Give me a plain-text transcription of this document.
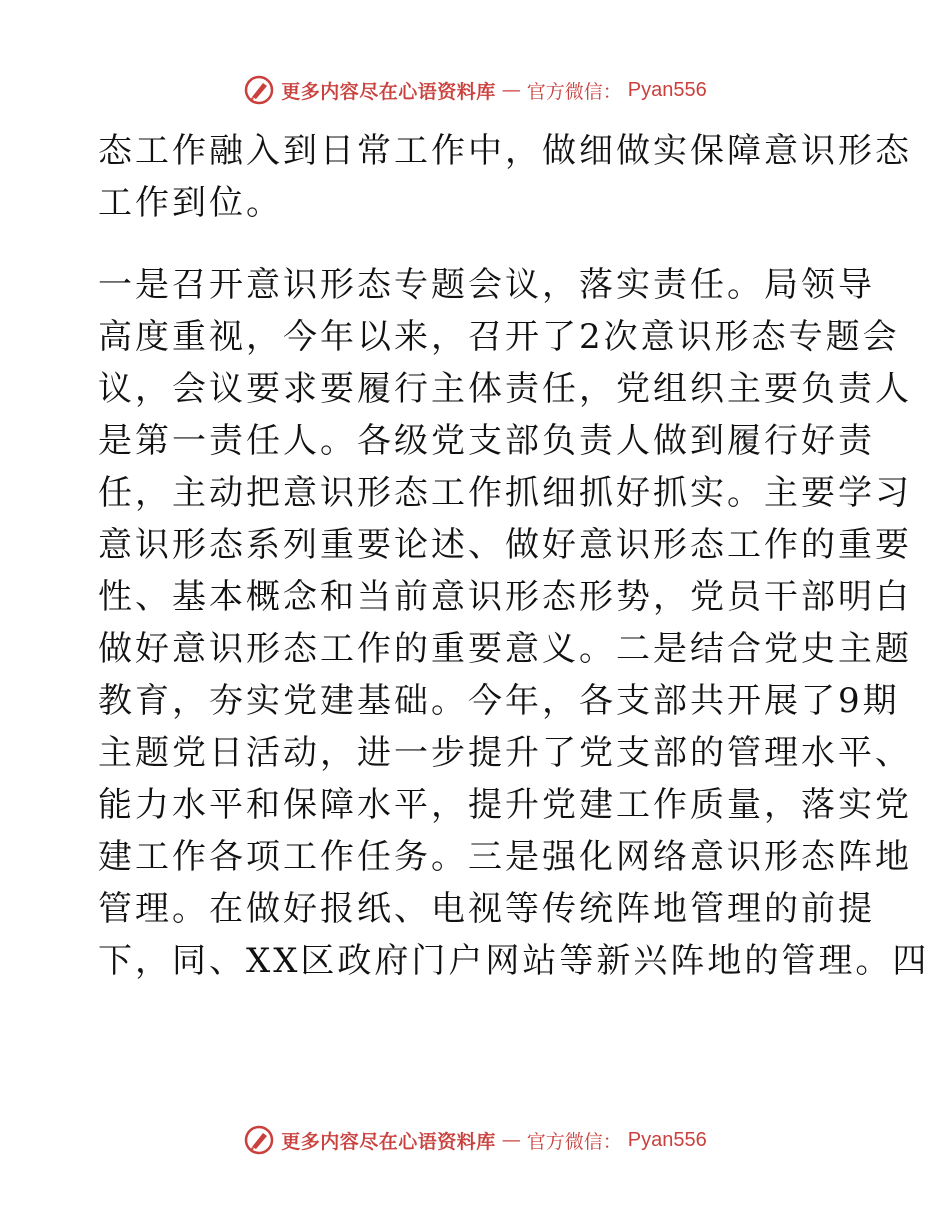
更多内容尽在心语资料库 — 官方微信： Pyan556
态工作融入到日常工作中，做细做实保障意识形态
工作到位。
一是召开意识形态专题会议，落实责任。局领导
高度重视，今年以来，召开了2次意识形态专题会
议，会议要求要履行主体责任，党组织主要负责人
是第一责任人。各级党支部负责人做到履行好责
任，主动把意识形态工作抓细抓好抓实。主要学习
意识形态系列重要论述、做好意识形态工作的重要
性、基本概念和当前意识形态形势，党员干部明白
做好意识形态工作的重要意义。二是结合党史主题
教育，夯实党建基础。今年，各支部共开展了9期
主题党日活动，进一步提升了党支部的管理水平、
能力水平和保障水平，提升党建工作质量，落实党
建工作各项工作任务。三是强化网络意识形态阵地
管理。在做好报纸、电视等传统阵地管理的前提
下，同、XX区政府门户网站等新兴阵地的管理。四
更多内容尽在心语资料库 — 官方微信： Pyan556
